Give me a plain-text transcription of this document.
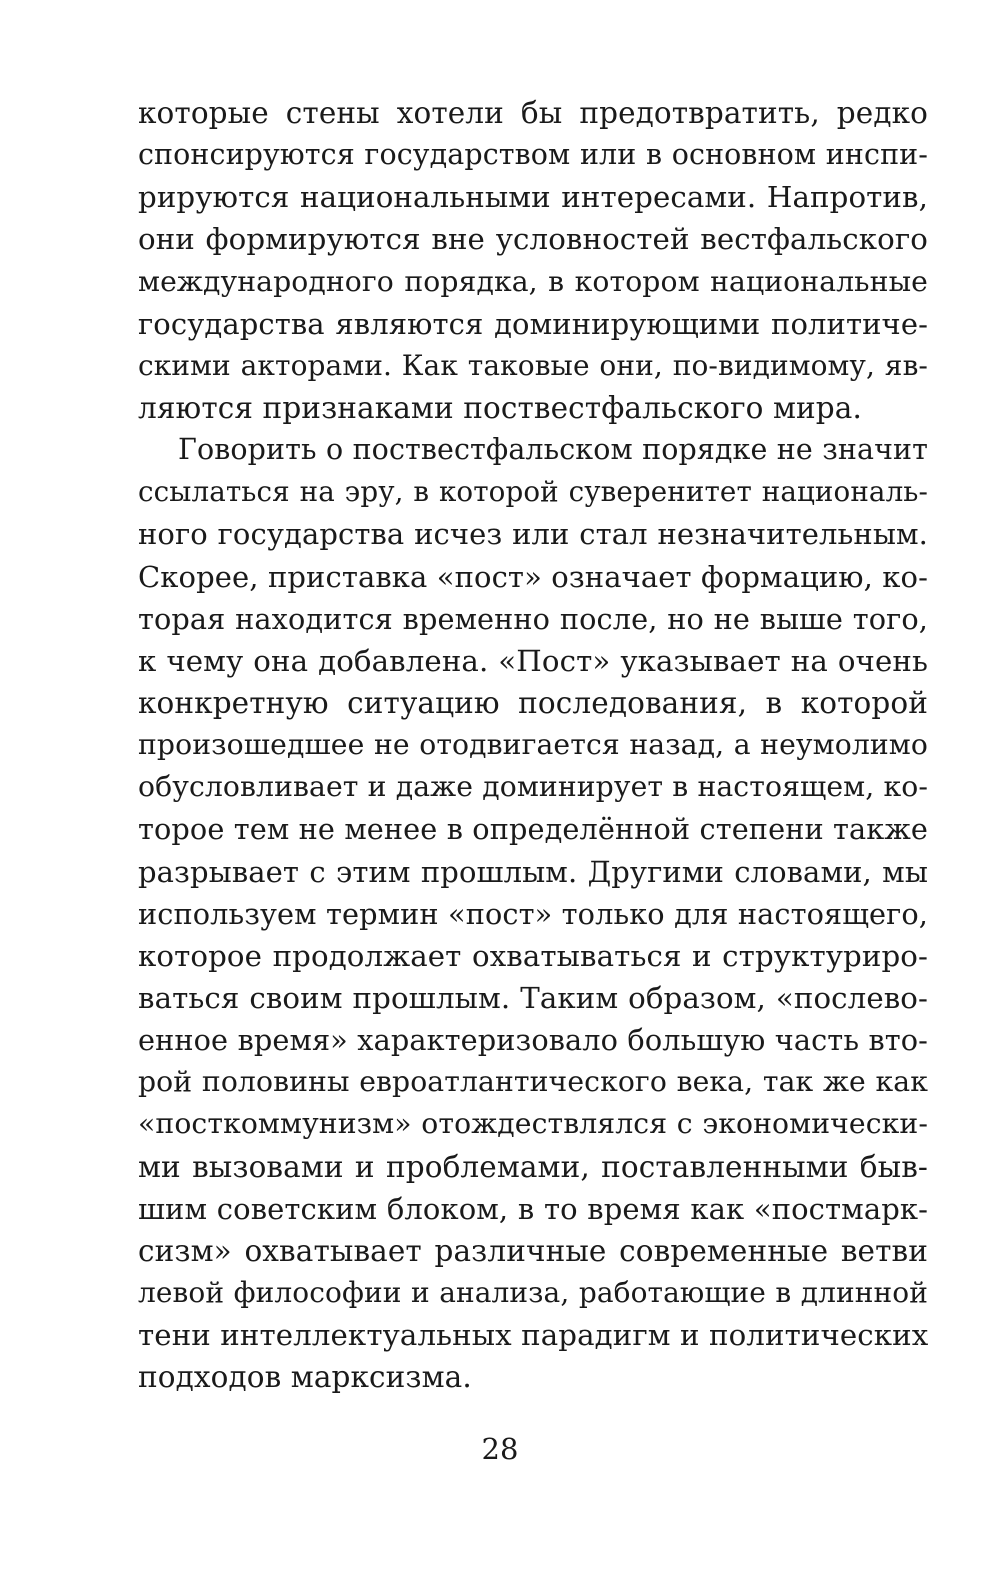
которые стены хотели бы предотвратить, редко
спонсируются государством или в основном инспи-
рируются национальными интересами. Напротив,
они формируются вне условностей вестфальского
международного порядка, в котором национальные
государства являются доминирующими политиче-
скими акторами. Как таковые они, по-видимому, яв-
ляются признаками поствестфальского мира.
Говорить о поствестфальском порядке не значит
ссылаться на эру, в которой суверенитет националь-
ного государства исчез или стал незначительным.
Скорее, приставка «пост» означает формацию, ко-
торая находится временно после, но не выше того,
к чему она добавлена. «Пост» указывает на очень
конкретную ситуацию последования, в которой
произошедшее не отодвигается назад, а неумолимо
обусловливает и даже доминирует в настоящем, ко-
торое тем не менее в определённой степени также
разрывает с этим прошлым. Другими словами, мы
используем термин «пост» только для настоящего,
которое продолжает охватываться и структуриро-
ваться своим прошлым. Таким образом, «послево-
енное время» характеризовало большую часть вто-
рой половины евроатлантического века, так же как
«посткоммунизм» отождествлялся с экономически-
ми вызовами и проблемами, поставленными быв-
шим советским блоком, в то время как «постмарк-
сизм» охватывает различные современные ветви
левой философии и анализа, работающие в длинной
тени интеллектуальных парадигм и политических
подходов марксизма.
28
